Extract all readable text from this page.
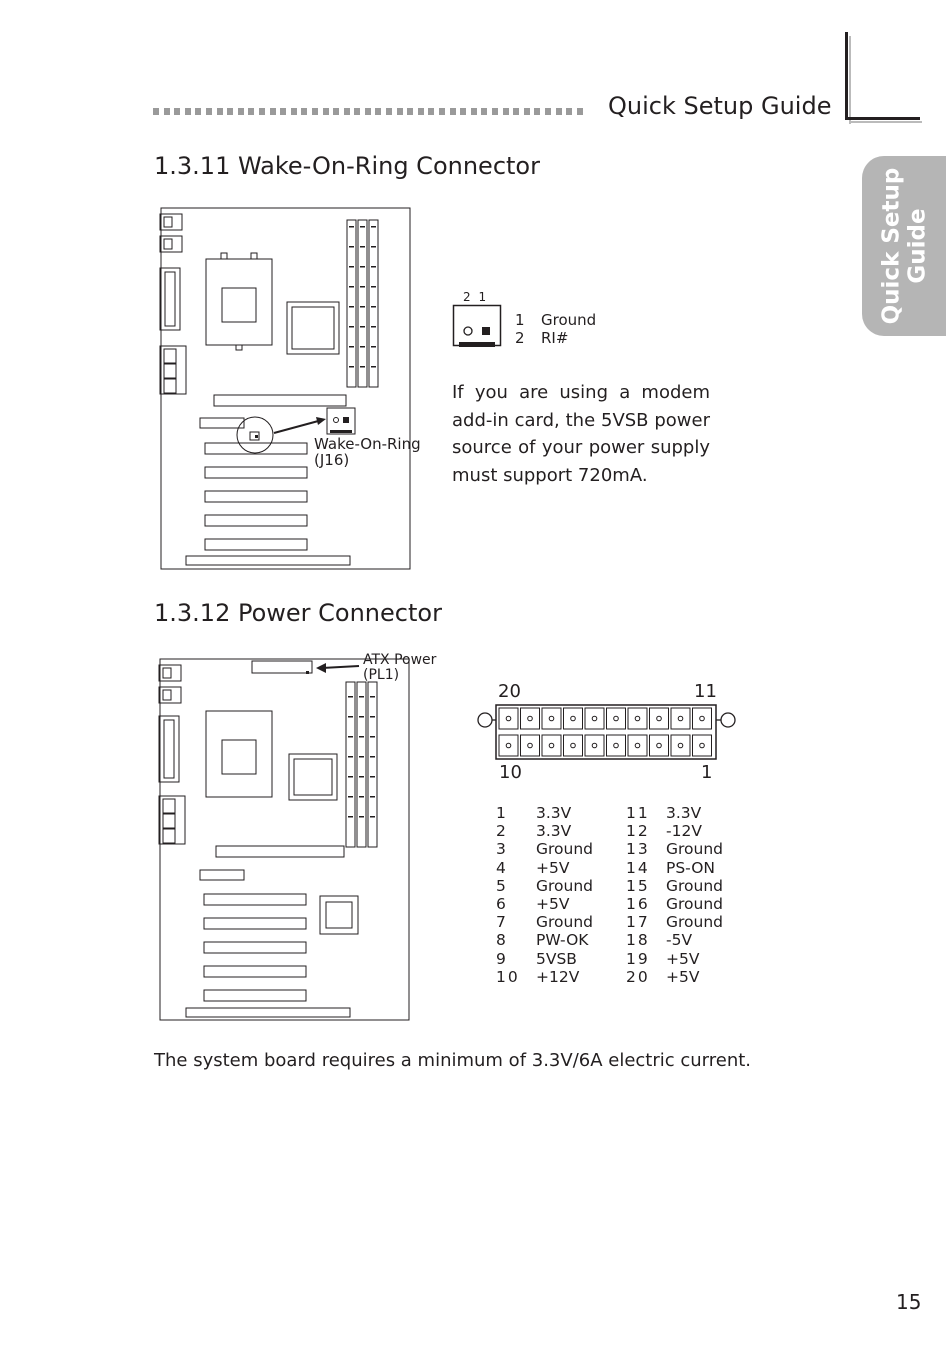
Quick Setup Guide
Quick Setup
Guide
1.3.11 Wake-On-Ring Connector
Wake-On-Ring
(J16)
2 1
1 Ground
2 RI#
If you are using a modem add-in card, the 5VSB power source of your power supply must support 720mA.
1.3.12 Power Connector
ATX Power
(PL1)
20	11
10	1
1	3.3V
2	3.3V
3	Ground
4	+5V
5	Ground
6	+5V
7	Ground
8	PW-OK
9	5VSB
10	+12V
11	3.3V
12	-12V
13	Ground
14	PS-ON
15	Ground
16	Ground
17	Ground
18	-5V
19	+5V
20	+5V
The system board requires a minimum of 3.3V/6A electric current.
15
